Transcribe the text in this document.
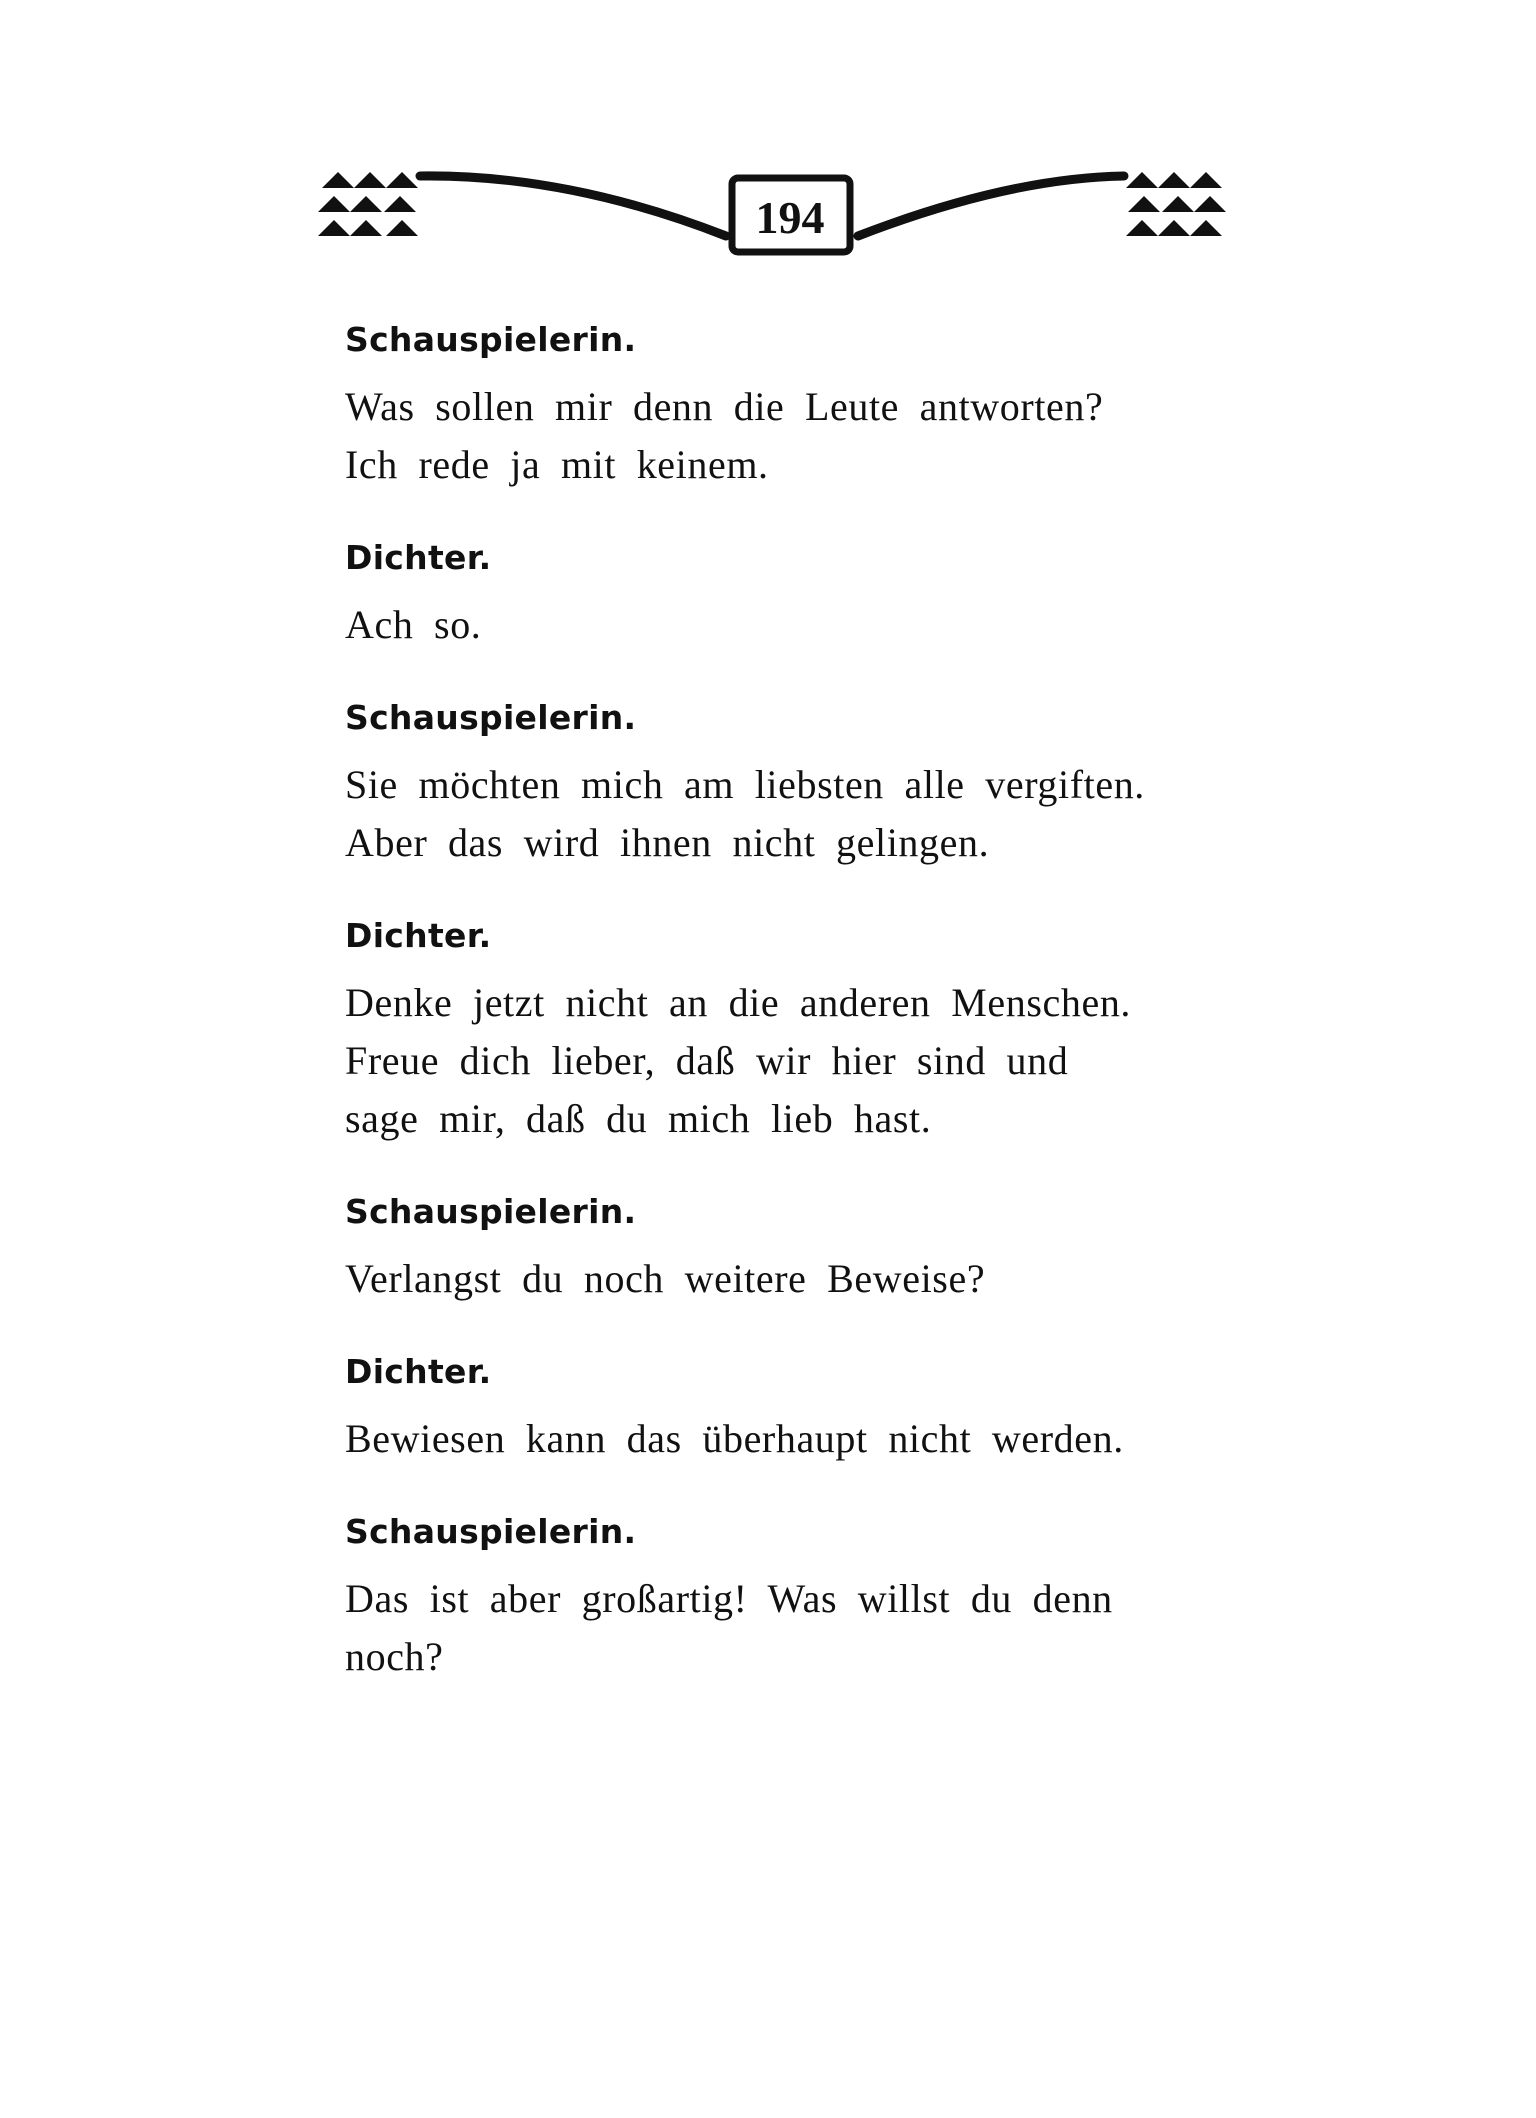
194
Schauspielerin.
Was sollen mir denn die Leute antworten?
Ich rede ja mit keinem.
Dichter.
Ach so.
Schauspielerin.
Sie möchten mich am liebsten alle vergiften.
Aber das wird ihnen nicht gelingen.
Dichter.
Denke jetzt nicht an die anderen Menschen.
Freue dich lieber, daß wir hier sind und
sage mir, daß du mich lieb hast.
Schauspielerin.
Verlangst du noch weitere Beweise?
Dichter.
Bewiesen kann das überhaupt nicht werden.
Schauspielerin.
Das ist aber großartig! Was willst du denn
noch?
